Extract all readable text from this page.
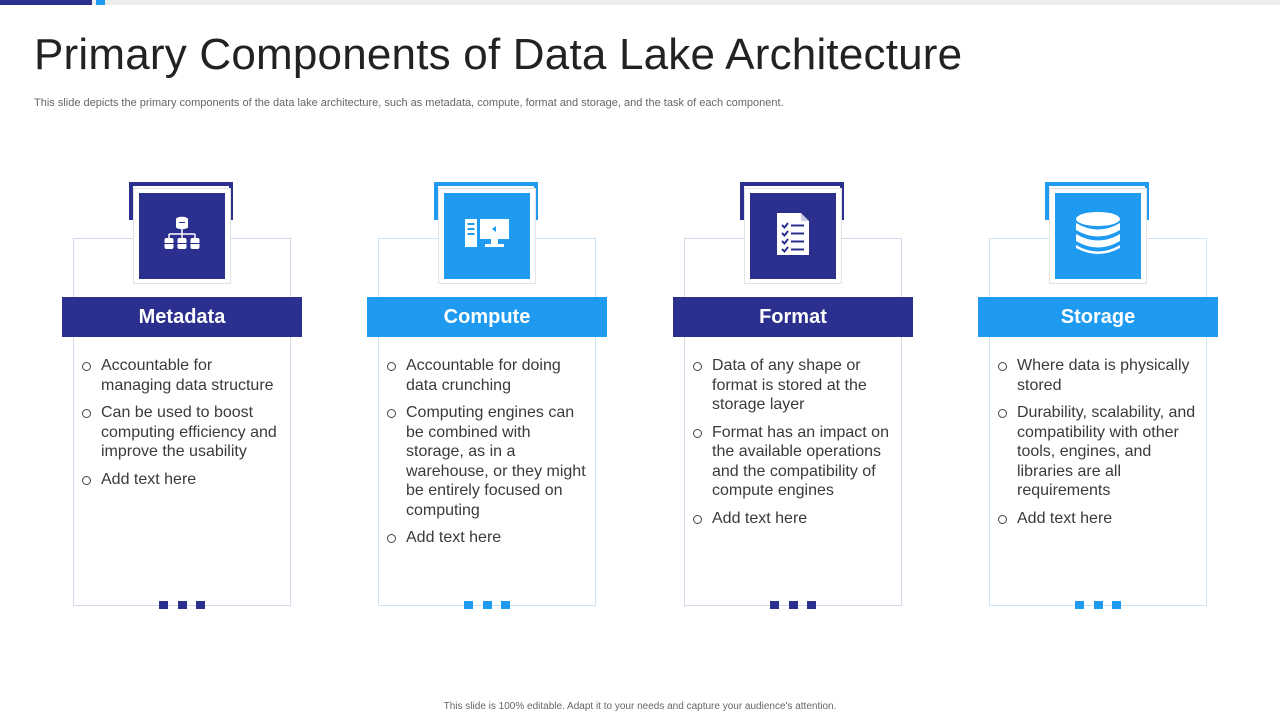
Primary Components of Data Lake Architecture

This slide depicts the primary components of the data lake architecture, such as metadata, compute, format and storage, and the task of each component.

Metadata
Accountable for managing data structure
Can be used to boost computing efficiency and improve the usability
Add text here
Compute
Accountable for doing data crunching
Computing engines can be combined with storage, as in a warehouse, or they might be entirely focused on computing
Add text here
Format
Data of any shape or format is stored at the storage layer
Format has an impact on the available operations and the compatibility of compute engines
Add text here
Storage
Where data is physically stored
Durability, scalability, and compatibility with other tools, engines, and libraries are all requirements
Add text here

This slide is 100% editable. Adapt it to your needs and capture your audience's attention.
